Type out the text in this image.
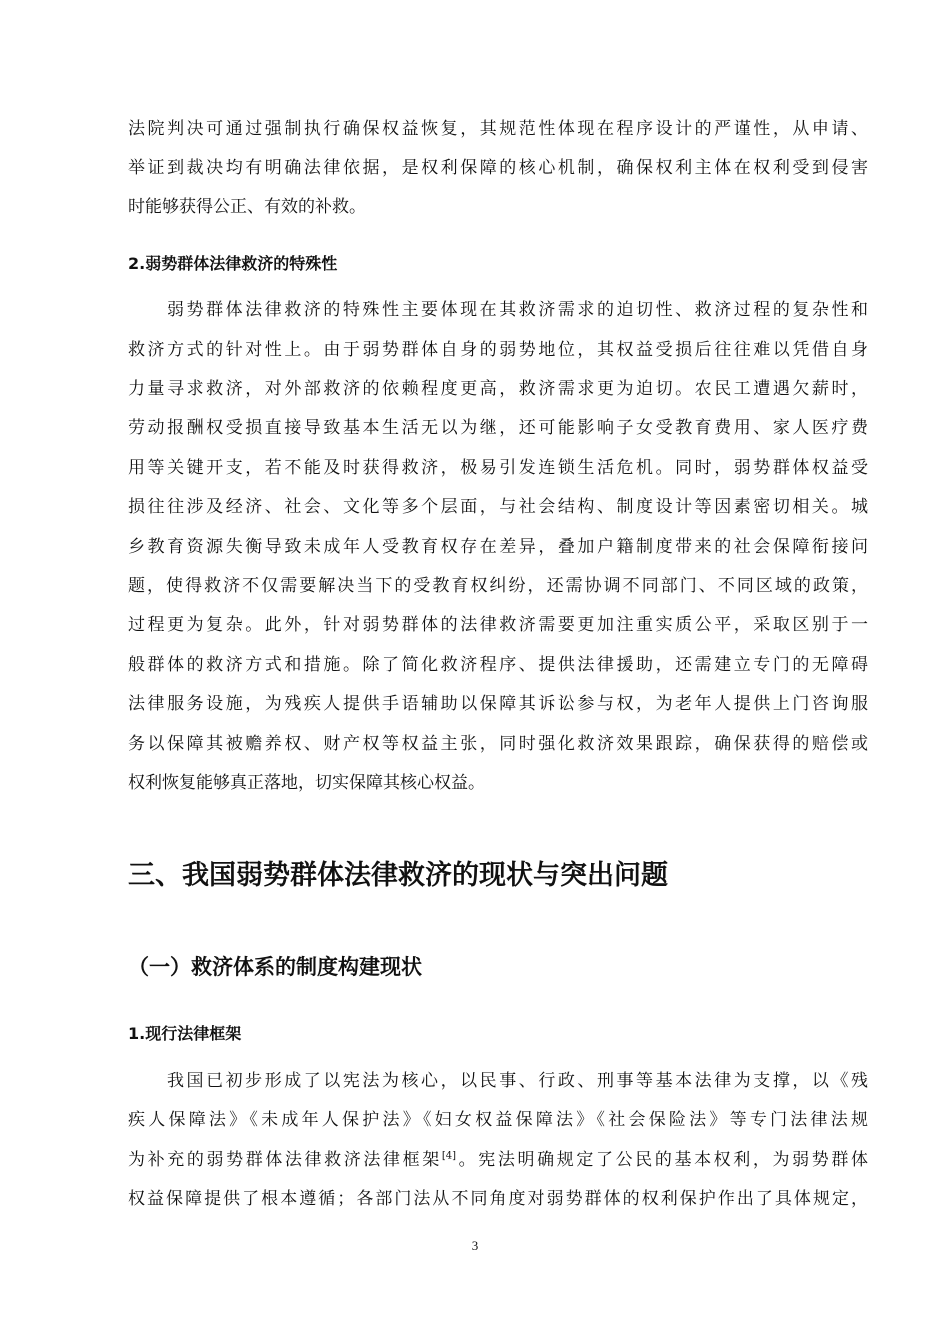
法院判决可通过强制执行确保权益恢复，其规范性体现在程序设计的严谨性，从申请、
举证到裁决均有明确法律依据，是权利保障的核心机制，确保权利主体在权利受到侵害
时能够获得公正、有效的补救。
2.弱势群体法律救济的特殊性
弱势群体法律救济的特殊性主要体现在其救济需求的迫切性、救济过程的复杂性和
救济方式的针对性上。由于弱势群体自身的弱势地位，其权益受损后往往难以凭借自身
力量寻求救济，对外部救济的依赖程度更高，救济需求更为迫切。农民工遭遇欠薪时，
劳动报酬权受损直接导致基本生活无以为继，还可能影响子女受教育费用、家人医疗费
用等关键开支，若不能及时获得救济，极易引发连锁生活危机。同时，弱势群体权益受
损往往涉及经济、社会、文化等多个层面，与社会结构、制度设计等因素密切相关。城
乡教育资源失衡导致未成年人受教育权存在差异，叠加户籍制度带来的社会保障衔接问
题，使得救济不仅需要解决当下的受教育权纠纷，还需协调不同部门、不同区域的政策，
过程更为复杂。此外，针对弱势群体的法律救济需要更加注重实质公平，采取区别于一
般群体的救济方式和措施。除了简化救济程序、提供法律援助，还需建立专门的无障碍
法律服务设施，为残疾人提供手语辅助以保障其诉讼参与权，为老年人提供上门咨询服
务以保障其被赡养权、财产权等权益主张，同时强化救济效果跟踪，确保获得的赔偿或
权利恢复能够真正落地，切实保障其核心权益。
三、我国弱势群体法律救济的现状与突出问题
（一）救济体系的制度构建现状
1.现行法律框架
我国已初步形成了以宪法为核心，以民事、行政、刑事等基本法律为支撑，以《残
疾人保障法》《未成年人保护法》《妇女权益保障法》《社会保险法》等专门法律法规
为补充的弱势群体法律救济法律框架[4]。宪法明确规定了公民的基本权利，为弱势群体
权益保障提供了根本遵循；各部门法从不同角度对弱势群体的权利保护作出了具体规定，
3
